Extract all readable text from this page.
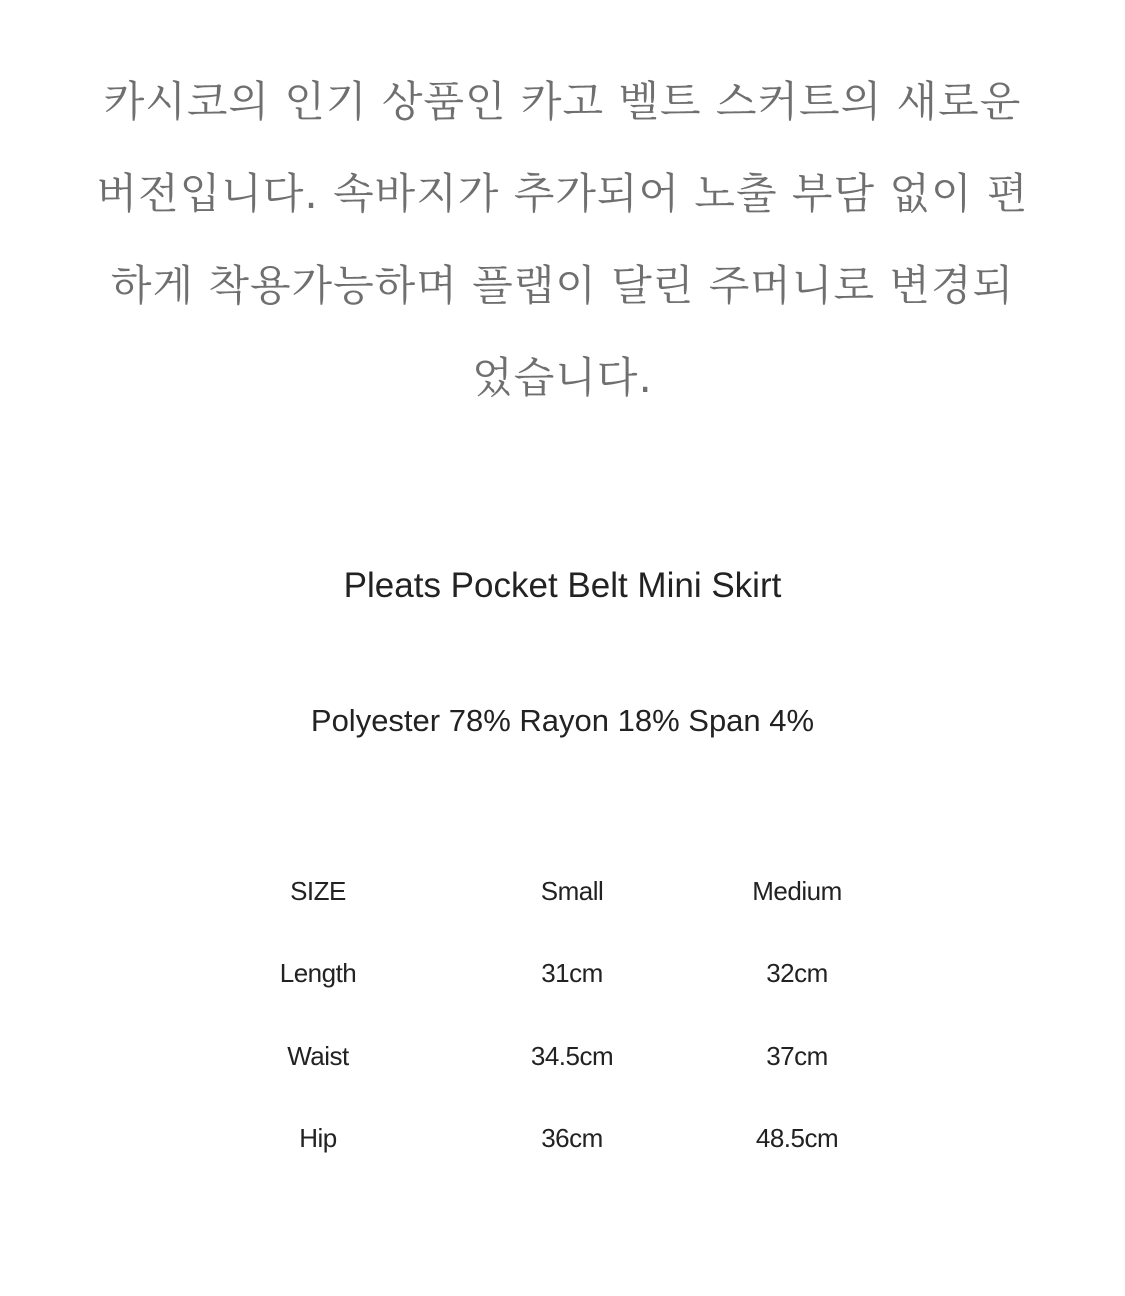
카시코의 인기 상품인 카고 벨트 스커트의 새로운
버전입니다. 속바지가 추가되어 노출 부담 없이 편
하게 착용가능하며 플랩이 달린 주머니로 변경되
었습니다.
Pleats Pocket Belt Mini Skirt
Polyester 78% Rayon 18% Span 4%
SIZE	Small	Medium
Length	31cm	32cm
Waist	34.5cm	37cm
Hip	36cm	48.5cm
